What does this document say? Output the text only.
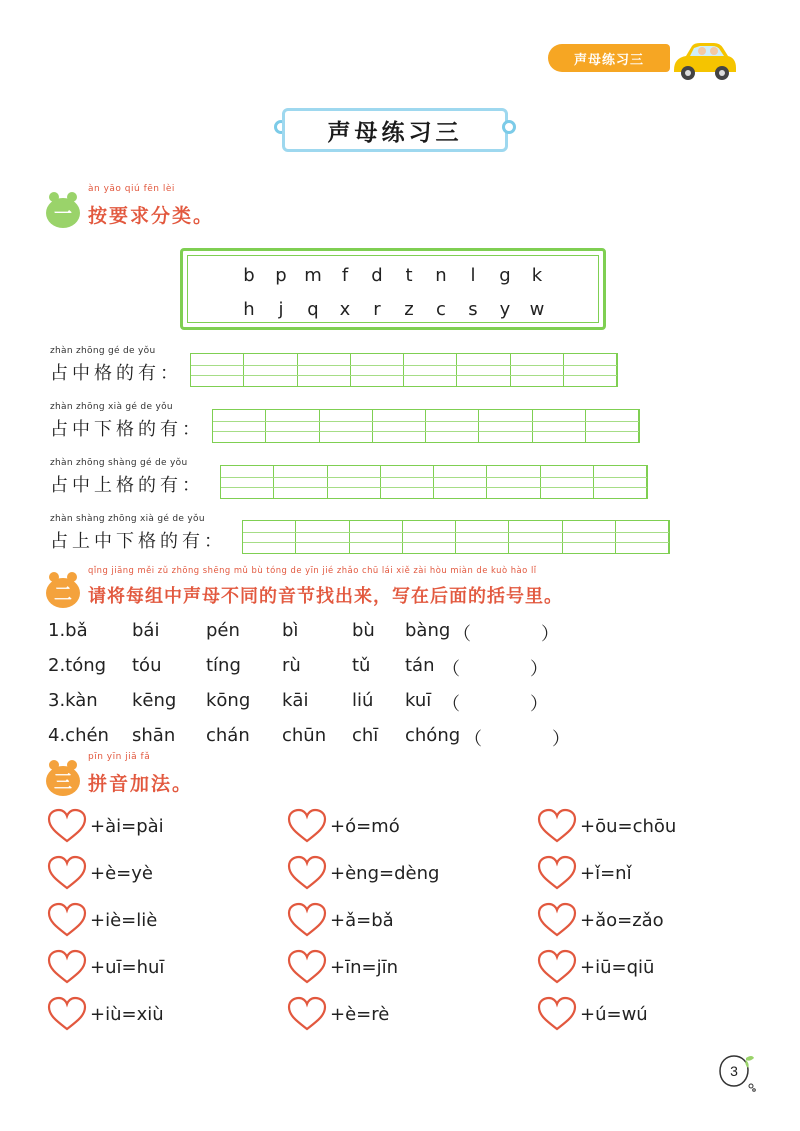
声母练习三
声母练习三
一
àn yāo qiú fēn lèi
按要求分类。
b p m	f	d	t	n	l	g k
h	j	q x r z c s y w
zhàn zhōng gé de yǒu
占中格的有：
zhàn zhōng xià gé de yǒu
占中下格的有：
zhàn zhōng shàng gé de yǒu
占中上格的有：
zhàn shàng zhōng xià gé de yǒu
占上中下格的有：
二
qǐng jiāng měi zǔ zhōng shēng mǔ bù tóng de yīn jié zhǎo chū lái xiě zài hòu miàn de kuò hào lǐ
请将每组中声母不同的音节找出来，写在后面的括号里。
1.bǎ bái	pén bì	bù bàng （	）
2.tóng tóu tíng rù	tǔ tán （	）
3.kàn kēng kōng kāi liú kuī （	）
4.chén shān chán chūn chī chóng （	）
三
pīn yīn jiā fǎ
拼音加法。
+ài=pài	+ó=mó	+ōu=chōu
+è=yè	+èng=dèng	+ǐ=nǐ
+iè=liè	+ǎ=bǎ	+ǎo=zǎo
+uī=huī	+īn=jīn	+iū=qiū
+iù=xiù	+è=rè	+ú=wú
3
